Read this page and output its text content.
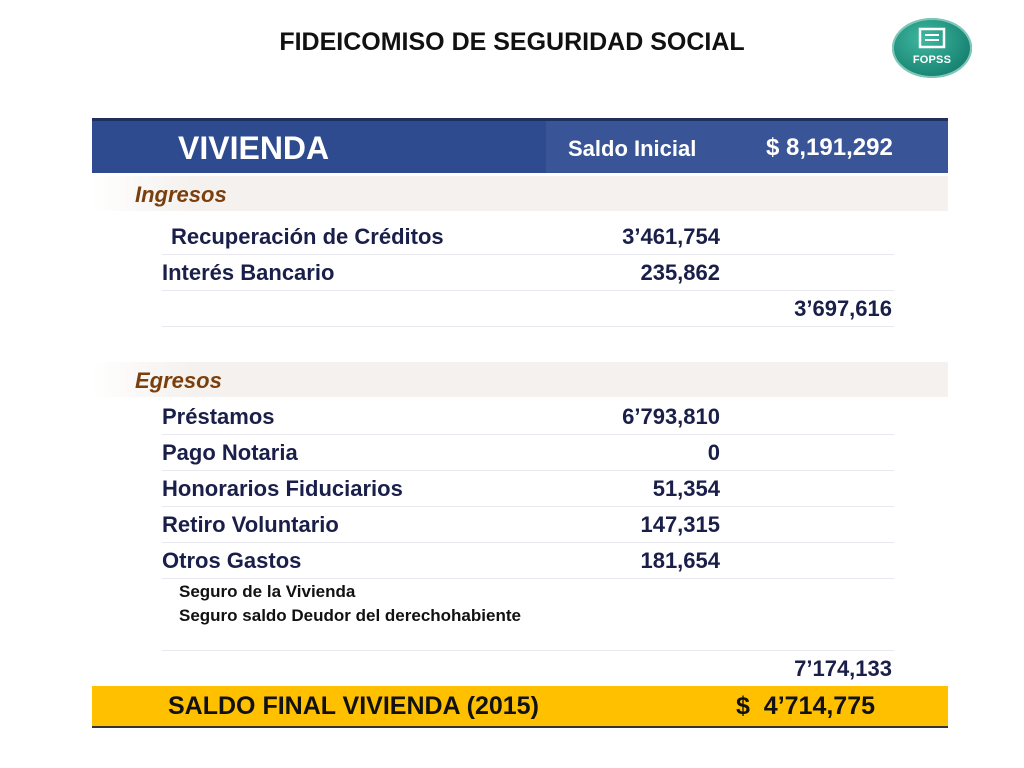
FIDEICOMISO DE SEGURIDAD SOCIAL
FOPSS
VIVIENDA	Saldo Inicial	$ 8,191,292
Ingresos
Recuperación de Créditos	3’461,754
Interés Bancario	235,862
3’697,616
Egresos
Préstamos	6’793,810
Pago Notaria	0
Honorarios Fiduciarios	51,354
Retiro Voluntario	147,315
Otros Gastos	181,654
Seguro de la Vivienda
Seguro saldo Deudor del derechohabiente
7’174,133
SALDO FINAL VIVIENDA (2015)	$  4’714,775
